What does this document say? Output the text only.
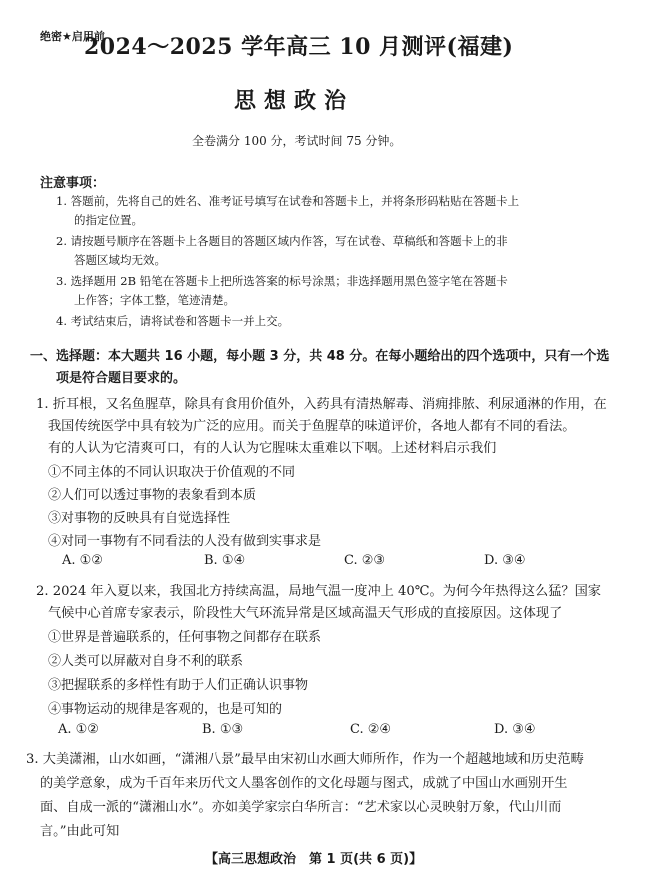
绝密★启用前
2024～2025 学年高三 10 月测评(福建)
思想政治
全卷满分 100 分，考试时间 75 分钟。
注意事项：
1. 答题前，先将自己的姓名、准考证号填写在试卷和答题卡上，并将条形码粘贴在答题卡上
的指定位置。
2. 请按题号顺序在答题卡上各题目的答题区域内作答，写在试卷、草稿纸和答题卡上的非
答题区域均无效。
3. 选择题用 2B 铅笔在答题卡上把所选答案的标号涂黑；非选择题用黑色签字笔在答题卡
上作答；字体工整，笔迹清楚。
4. 考试结束后，请将试卷和答题卡一并上交。
一、选择题：本大题共 16 小题，每小题 3 分，共 48 分。在每小题给出的四个选项中，只有一个选
项是符合题目要求的。
1. 折耳根，又名鱼腥草，除具有食用价值外，入药具有清热解毒、消痈排脓、利尿通淋的作用，在
我国传统医学中具有较为广泛的应用。而关于鱼腥草的味道评价，各地人都有不同的看法。
有的人认为它清爽可口，有的人认为它腥味太重难以下咽。上述材料启示我们
①不同主体的不同认识取决于价值观的不同
②人们可以透过事物的表象看到本质
③对事物的反映具有自觉选择性
④对同一事物有不同看法的人没有做到实事求是
A. ①②	B. ①④	C. ②③	D. ③④
2. 2024 年入夏以来，我国北方持续高温，局地气温一度冲上 40℃。为何今年热得这么猛？国家
气候中心首席专家表示，阶段性大气环流异常是区域高温天气形成的直接原因。这体现了
①世界是普遍联系的，任何事物之间都存在联系
②人类可以屏蔽对自身不利的联系
③把握联系的多样性有助于人们正确认识事物
④事物运动的规律是客观的，也是可知的
A. ①②	B. ①③	C. ②④	D. ③④
3. 大美潇湘，山水如画，“潇湘八景”最早由宋初山水画大师所作，作为一个超越地域和历史范畴
的美学意象，成为千百年来历代文人墨客创作的文化母题与图式，成就了中国山水画别开生
面、自成一派的“潇湘山水”。亦如美学家宗白华所言：“艺术家以心灵映射万象，代山川而
言。”由此可知
【高三思想政治　第 1 页(共 6 页)】
